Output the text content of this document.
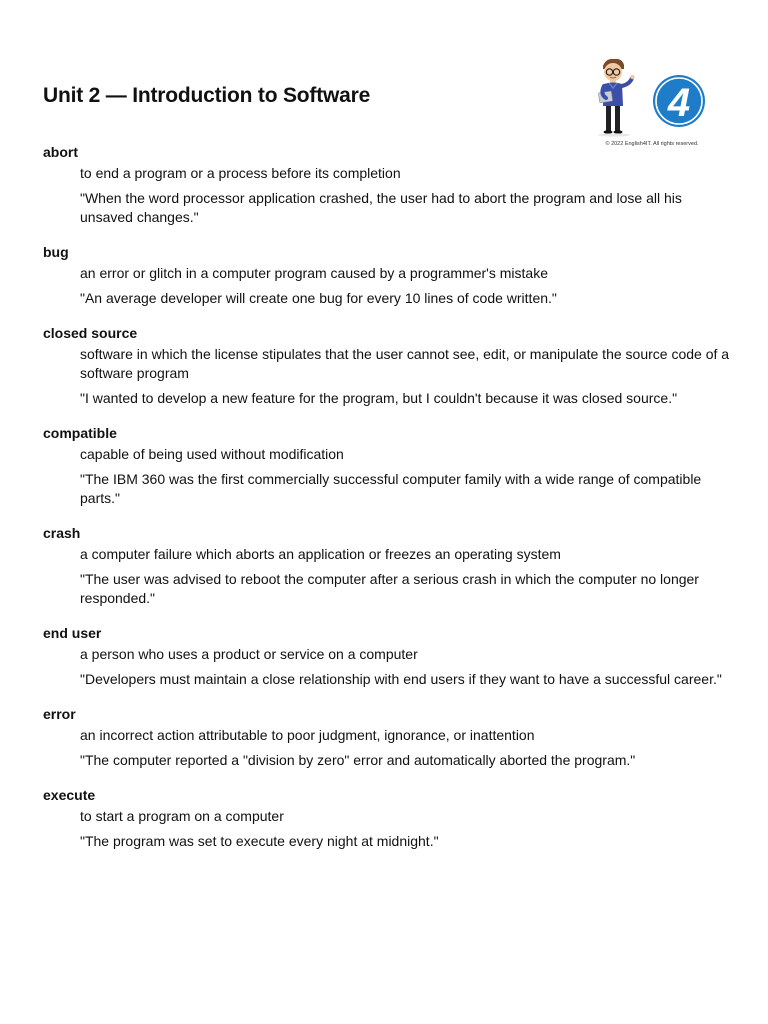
Unit 2 — Introduction to Software	4
© 2022 English4IT. All rights reserved.
abort
to end a program or a process before its completion
"When the word processor application crashed, the user had to abort the program and lose all his unsaved changes."
bug
an error or glitch in a computer program caused by a programmer's mistake
"An average developer will create one bug for every 10 lines of code written."
closed source
software in which the license stipulates that the user cannot see, edit, or manipulate the source code of a software program
"I wanted to develop a new feature for the program, but I couldn't because it was closed source."
compatible
capable of being used without modification
"The IBM 360 was the first commercially successful computer family with a wide range of compatible parts."
crash
a computer failure which aborts an application or freezes an operating system
"The user was advised to reboot the computer after a serious crash in which the computer no longer responded."
end user
a person who uses a product or service on a computer
"Developers must maintain a close relationship with end users if they want to have a successful career."
error
an incorrect action attributable to poor judgment, ignorance, or inattention
"The computer reported a "division by zero" error and automatically aborted the program."
execute
to start a program on a computer
"The program was set to execute every night at midnight."
